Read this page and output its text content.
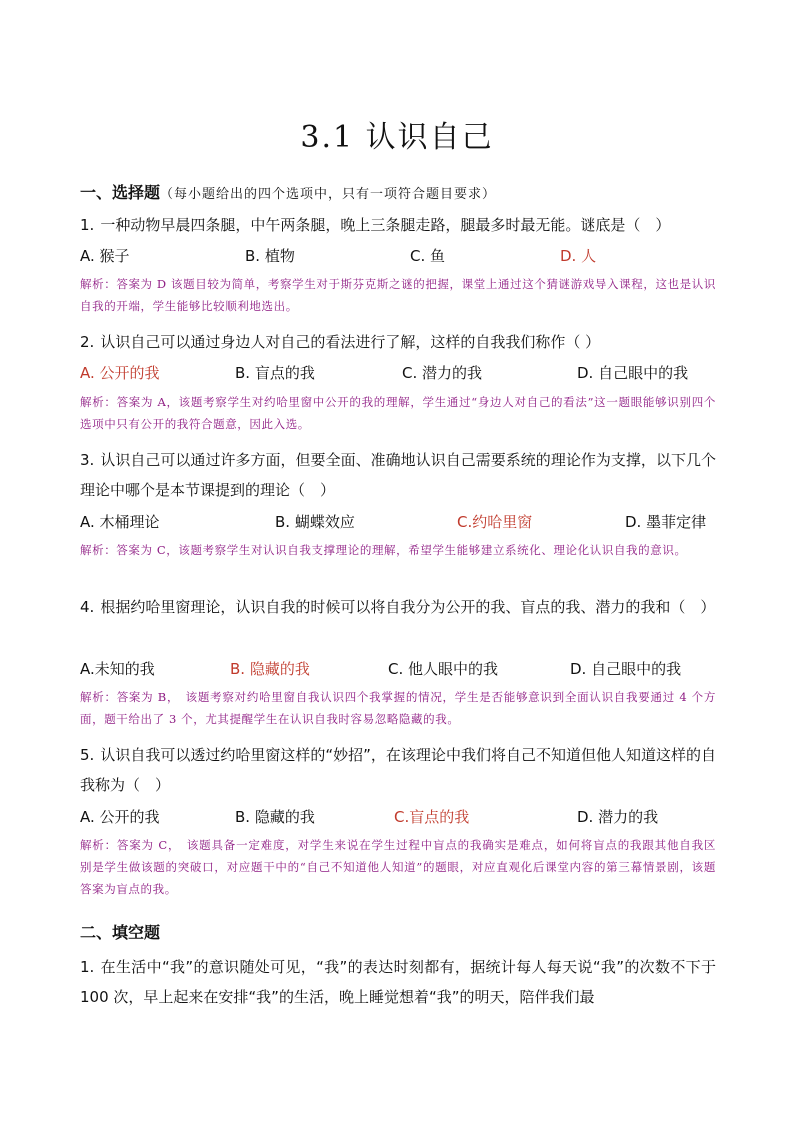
3.1 认识自己
一、选择题（每小题给出的四个选项中，只有一项符合题目要求）
1. 一种动物早晨四条腿，中午两条腿，晚上三条腿走路，腿最多时最无能。谜底是（　）
A. 猴子	B. 植物	C. 鱼	D. 人
解析：答案为 D 该题目较为简单，考察学生对于斯芬克斯之谜的把握，课堂上通过这个猜谜游戏导入课程，这也是认识自我的开端，学生能够比较顺利地选出。
2. 认识自己可以通过身边人对自己的看法进行了解，这样的自我我们称作（ ）
A. 公开的我	B. 盲点的我	C. 潜力的我	D. 自己眼中的我
解析：答案为 A，该题考察学生对约哈里窗中公开的我的理解，学生通过“身边人对自己的看法”这一题眼能够识别四个选项中只有公开的我符合题意，因此入选。
3. 认识自己可以通过许多方面，但要全面、准确地认识自己需要系统的理论作为支撑，以下几个理论中哪个是本节课提到的理论（　）
A. 木桶理论	B. 蝴蝶效应	C.约哈里窗	D. 墨菲定律
解析：答案为 C，该题考察学生对认识自我支撑理论的理解，希望学生能够建立系统化、理论化认识自我的意识。
4. 根据约哈里窗理论，认识自我的时候可以将自我分为公开的我、盲点的我、潜力的我和（　）
A.未知的我	B. 隐藏的我	C. 他人眼中的我	D. 自己眼中的我
解析：答案为 B，　该题考察对约哈里窗自我认识四个我掌握的情况，学生是否能够意识到全面认识自我要通过 4 个方面，题干给出了 3 个，尤其提醒学生在认识自我时容易忽略隐藏的我。
5. 认识自我可以透过约哈里窗这样的“妙招”，在该理论中我们将自己不知道但他人知道这样的自我称为（　）
A. 公开的我	B. 隐藏的我	C.盲点的我	D. 潜力的我
解析：答案为 C，　该题具备一定难度，对学生来说在学生过程中盲点的我确实是难点，如何将盲点的我跟其他自我区别是学生做该题的突破口，对应题干中的“自己不知道他人知道”的题眼，对应直观化后课堂内容的第三幕情景剧，该题答案为盲点的我。
二、填空题
1. 在生活中“我”的意识随处可见，“我”的表达时刻都有，据统计每人每天说“我”的次数不下于 100 次，早上起来在安排“我”的生活，晚上睡觉想着“我”的明天，陪伴我们最
